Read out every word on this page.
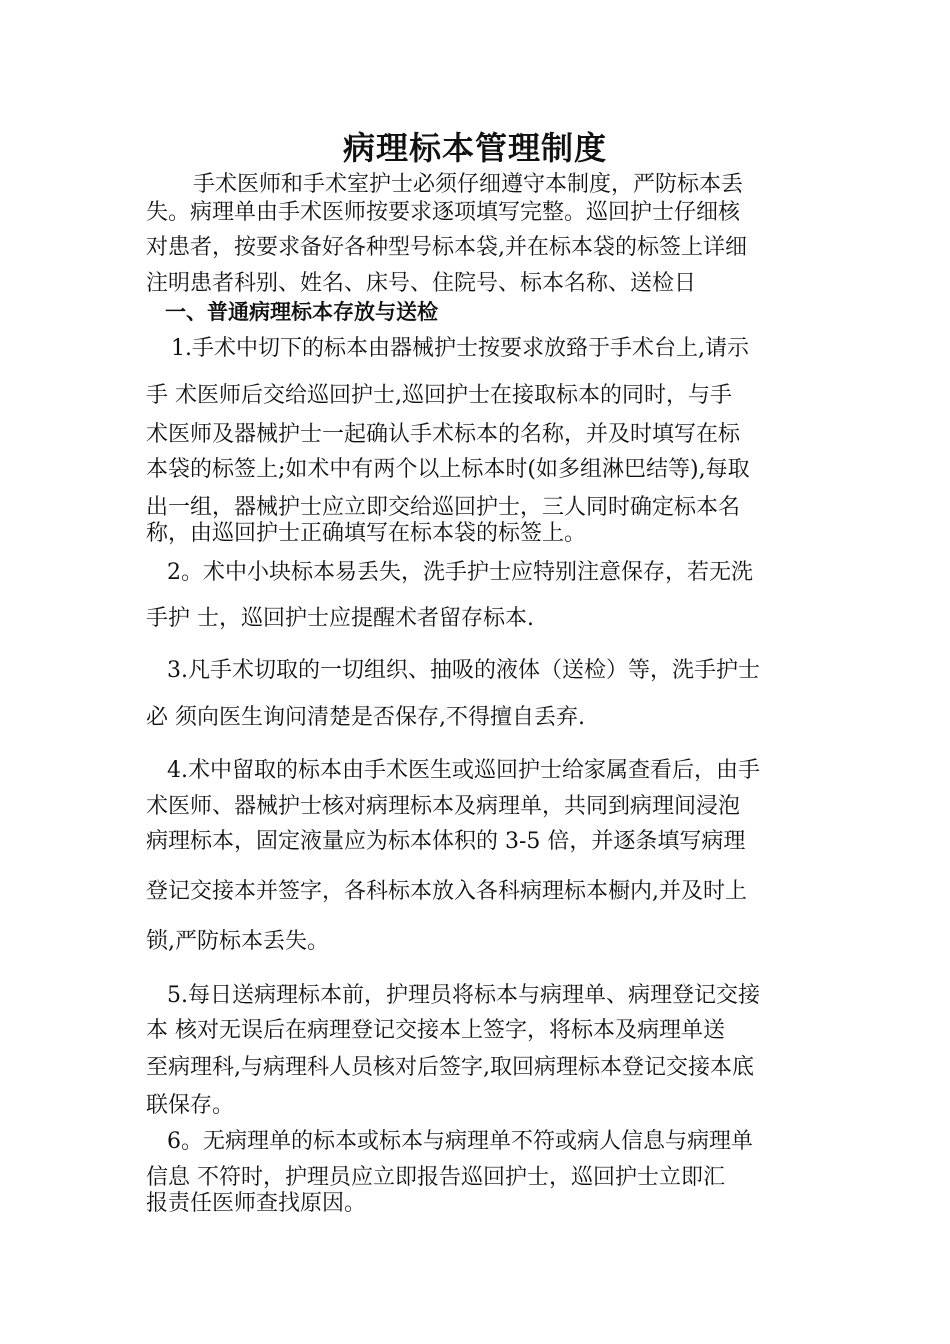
病理标本管理制度
手术医师和手术室护士必须仔细遵守本制度，严防标本丢
失。病理单由手术医师按要求逐项填写完整。巡回护士仔细核
对患者，按要求备好各种型号标本袋,并在标本袋的标签上详细
注明患者科别、姓名、床号、住院号、标本名称、送检日
一、普通病理标本存放与送检
1.手术中切下的标本由器械护士按要求放臵于手术台上,请示
手 术医师后交给巡回护士,巡回护士在接取标本的同时，与手
术医师及器械护士一起确认手术标本的名称，并及时填写在标
本袋的标签上;如术中有两个以上标本时(如多组淋巴结等),每取
出一组，器械护士应立即交给巡回护士，三人同时确定标本名
称，由巡回护士正确填写在标本袋的标签上。
2。术中小块标本易丢失，洗手护士应特别注意保存，若无洗
手护 士，巡回护士应提醒术者留存标本.
3.凡手术切取的一切组织、抽吸的液体（送检）等，洗手护士
必 须向医生询问清楚是否保存,不得擅自丢弃.
4.术中留取的标本由手术医生或巡回护士给家属查看后，由手
术医师、器械护士核对病理标本及病理单，共同到病理间浸泡
病理标本，固定液量应为标本体积的 3-5 倍，并逐条填写病理
登记交接本并签字，各科标本放入各科病理标本橱内,并及时上
锁,严防标本丢失。
5.每日送病理标本前，护理员将标本与病理单、病理登记交接
本 核对无误后在病理登记交接本上签字，将标本及病理单送
至病理科,与病理科人员核对后签字,取回病理标本登记交接本底
联保存。
6。无病理单的标本或标本与病理单不符或病人信息与病理单
信息 不符时，护理员应立即报告巡回护士，巡回护士立即汇
报责任医师查找原因。
